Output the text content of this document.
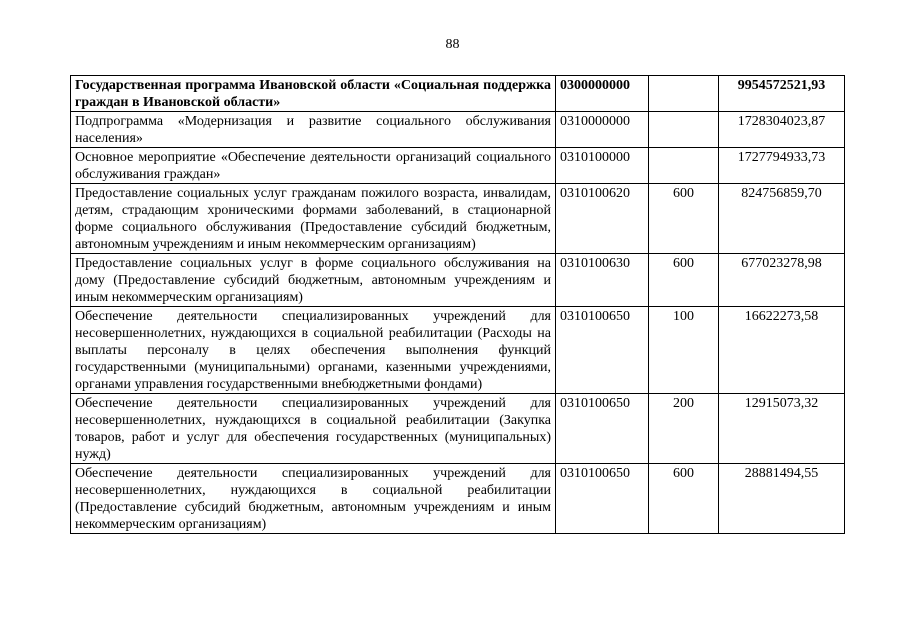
88
Государственная программа Ивановской области «Социальная поддержка граждан в Ивановской области»	0300000000		9954572521,93
Подпрограмма «Модернизация и развитие социального обслуживания населения»	0310000000		1728304023,87
Основное мероприятие «Обеспечение деятельности организаций социального обслуживания граждан»	0310100000		1727794933,73
Предоставление социальных услуг гражданам пожилого возраста, инвалидам, детям, страдающим хроническими формами заболеваний, в стационарной форме социального обслуживания (Предоставление субсидий бюджетным, автономным учреждениям и иным некоммерческим организациям)	0310100620	600	824756859,70
Предоставление социальных услуг в форме социального обслуживания на дому (Предоставление субсидий бюджетным, автономным учреждениям и иным некоммерческим организациям)	0310100630	600	677023278,98
Обеспечение деятельности специализированных учреждений для несовершеннолетних, нуждающихся в социальной реабилитации (Расходы на выплаты персоналу в целях обеспечения выполнения функций государственными (муниципальными) органами, казенными учреждениями, органами управления государственными внебюджетными фондами)	0310100650	100	16622273,58
Обеспечение деятельности специализированных учреждений для несовершеннолетних, нуждающихся в социальной реабилитации (Закупка товаров, работ и услуг для обеспечения государственных (муниципальных) нужд)	0310100650	200	12915073,32
Обеспечение деятельности специализированных учреждений для несовершеннолетних, нуждающихся в социальной реабилитации (Предоставление субсидий бюджетным, автономным учреждениям и иным некоммерческим организациям)	0310100650	600	28881494,55
